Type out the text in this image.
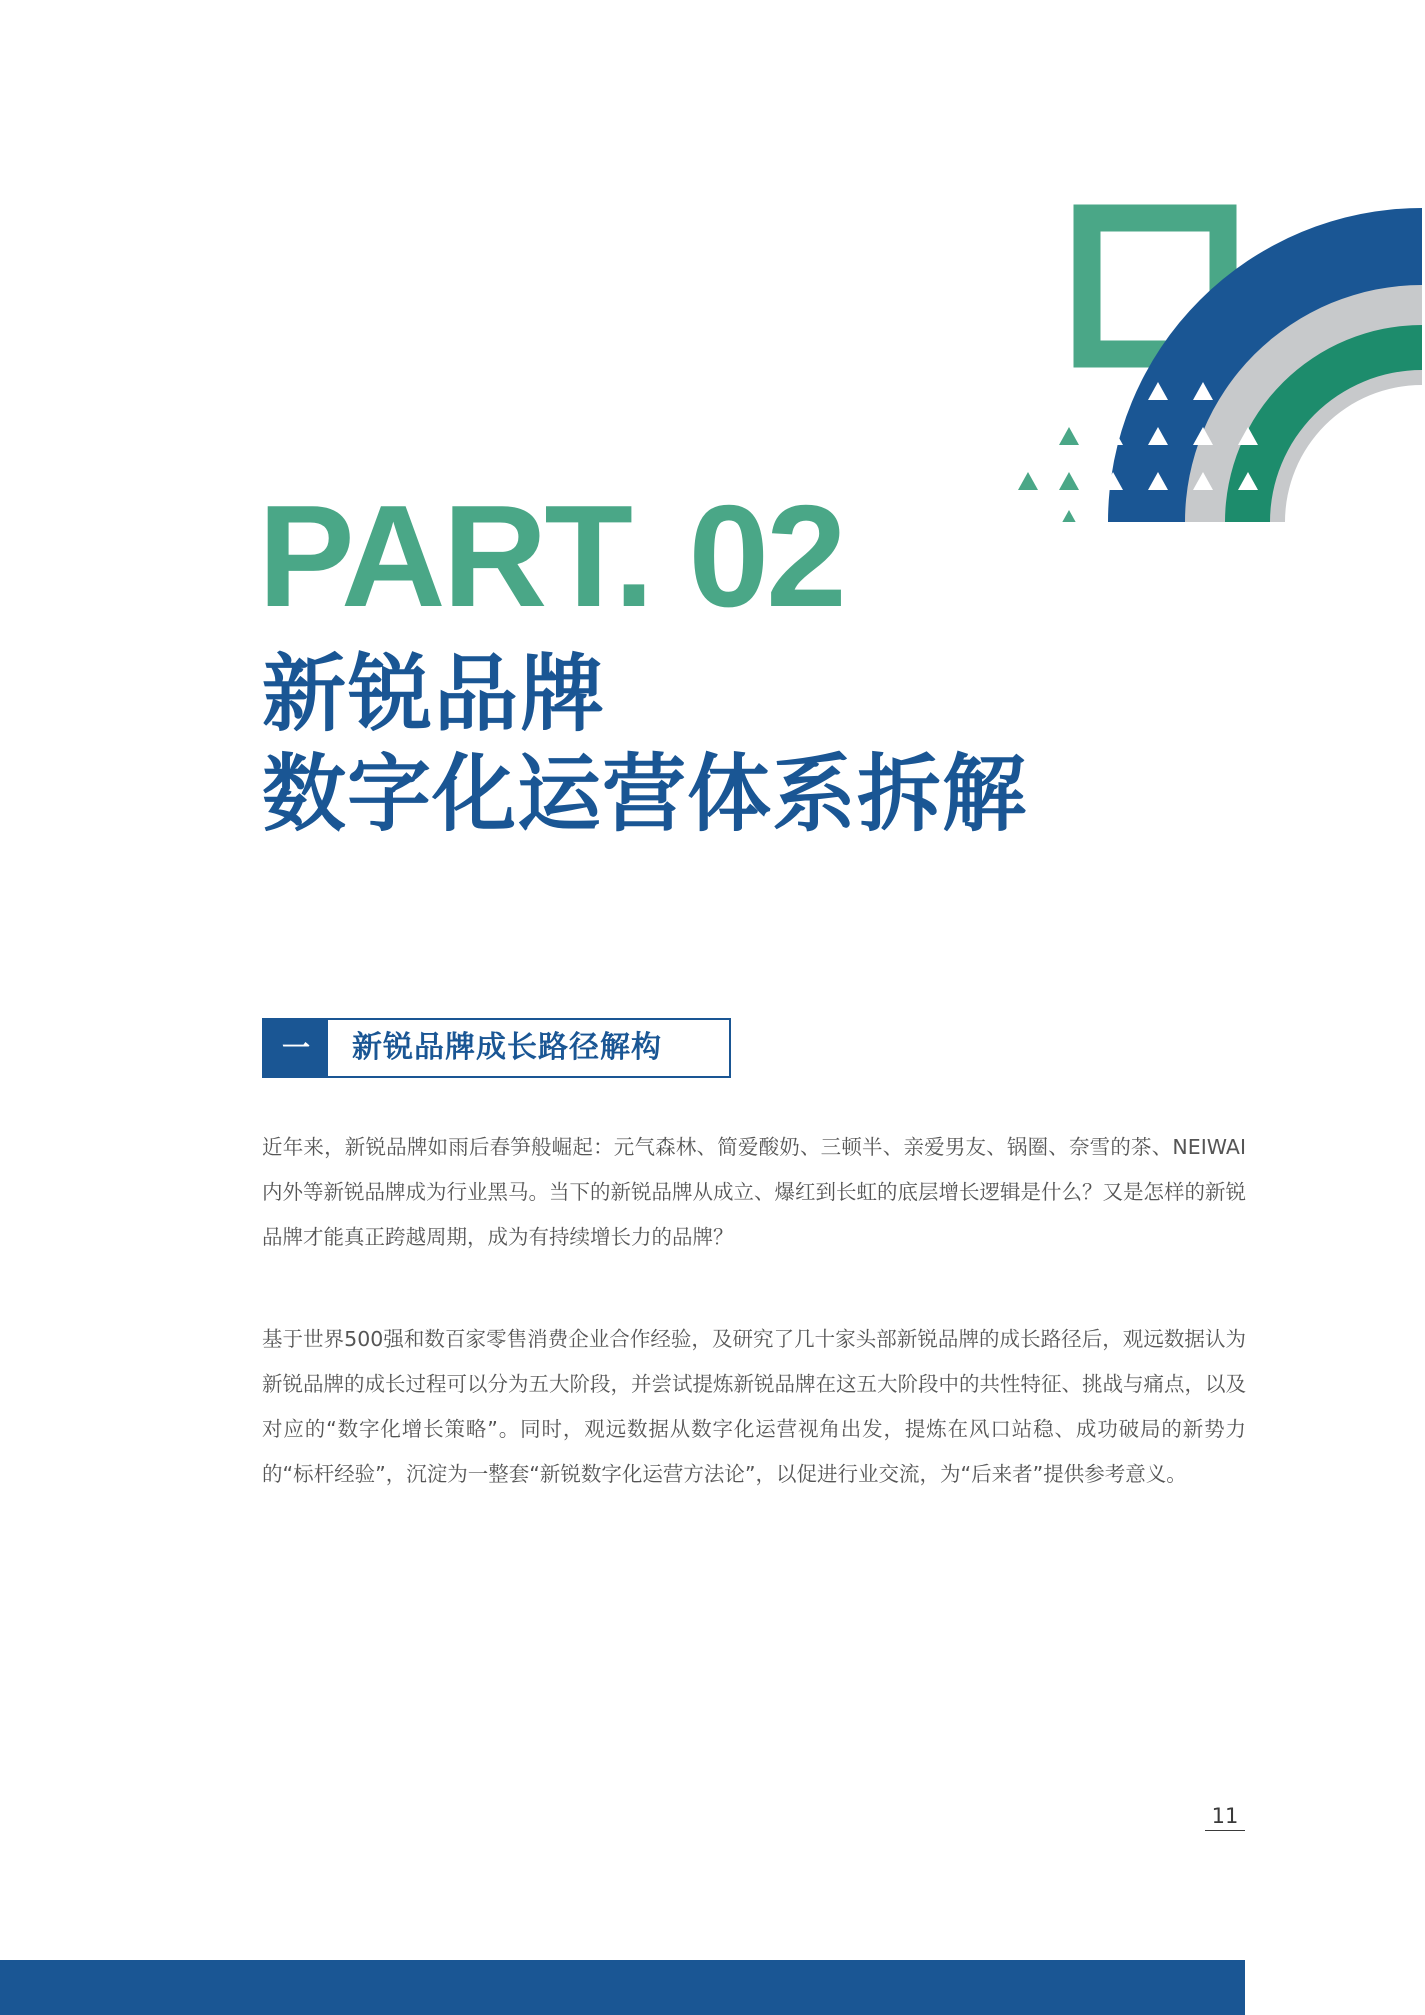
PART. 02
新锐品牌
数字化运营体系拆解
一	新锐品牌成长路径解构

近年来，新锐品牌如雨后春笋般崛起：元气森林、简爱酸奶、三顿半、亲爱男友、锅圈、奈雪的茶、NEIWAI内外等新锐品牌成为行业黑马。当下的新锐品牌从成立、爆红到长虹的底层增长逻辑是什么？又是怎样的新锐品牌才能真正跨越周期，成为有持续增长力的品牌？

基于世界500强和数百家零售消费企业合作经验，及研究了几十家头部新锐品牌的成长路径后，观远数据认为新锐品牌的成长过程可以分为五大阶段，并尝试提炼新锐品牌在这五大阶段中的共性特征、挑战与痛点，以及对应的“数字化增长策略”。同时，观远数据从数字化运营视角出发，提炼在风口站稳、成功破局的新势力的“标杆经验”，沉淀为一整套“新锐数字化运营方法论”，以促进行业交流，为“后来者”提供参考意义。

11
